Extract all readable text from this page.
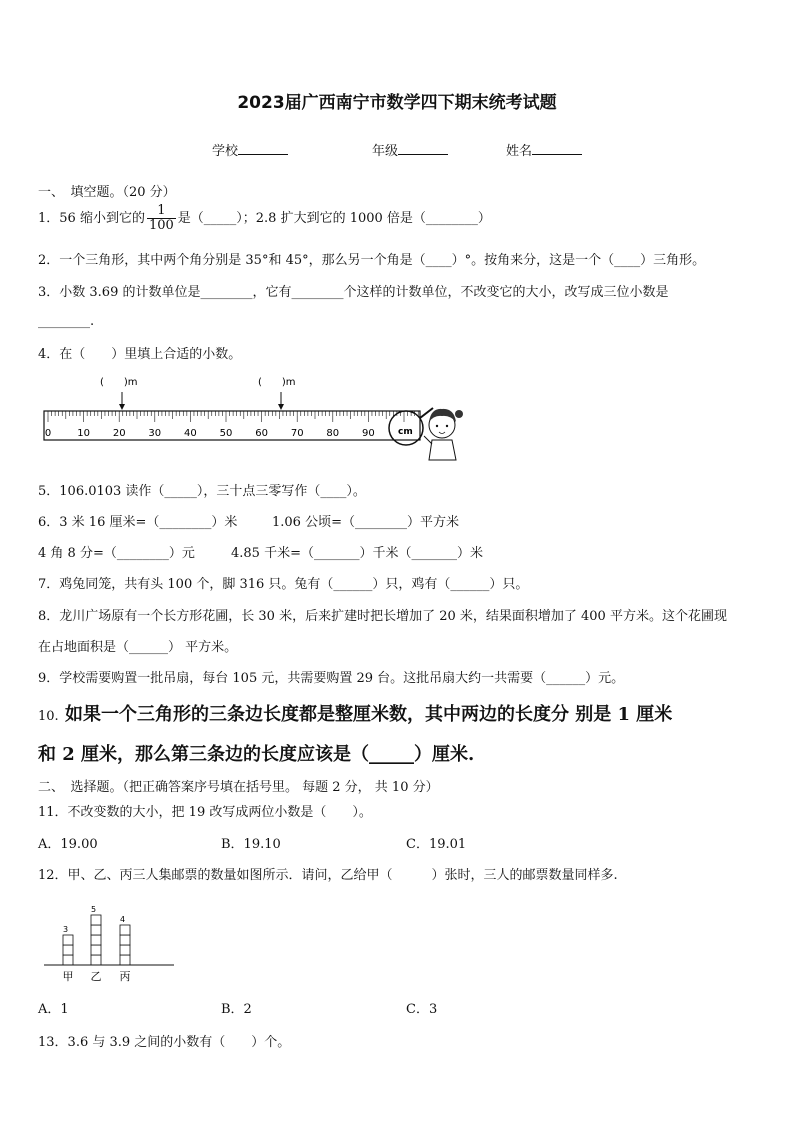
2023届广西南宁市数学四下期末统考试题
学校	年级	姓名
一、　填空题。（20 分）
1．56 缩小到它的 $\frac{1}{100}$ 是（_____）；2.8 扩大到它的 1000 倍是（________）
2．一个三角形，其中两个角分别是 35°和 45°，那么另一个角是（____）°。按角来分，这是一个（____）三角形。
3．小数 3.69 的计数单位是________，它有________个这样的计数单位，不改变它的大小，改写成三位小数是
________.
4．在（　　）里填上合适的小数。
(　　)m	(　　)m
0	10 20 30 40 50 60 70 80 90	cm
5．106.0103 读作（_____），三十点三零写作（____）。
6．3 米 16 厘米=（________）米	1.06 公顷=（________）平方米
4 角 8 分=（________）元	4.85 千米=（_______）千米（_______）米
7．鸡兔同笼，共有头 100 个，脚 316 只。兔有（______）只，鸡有（______）只。
8．龙川广场原有一个长方形花圃，长 30 米，后来扩建时把长增加了 20 米，结果面积增加了 400 平方米。这个花圃现
在占地面积是（______） 平方米。
9．学校需要购置一批吊扇，每台 105 元，共需要购置 29 台。这批吊扇大约一共需要（______）元。
10. 如果一个三角形的三条边长度都是整厘米数，其中两边的长度分 别是 1 厘米
和 2 厘米，那么第三条边的长度应该是（_____）厘米.
二、　选择题。（把正确答案序号填在括号里。 每题 2 分， 共 10 分）
11．不改变数的大小，把 19 改写成两位小数是（　　）。
A．19.00	B．19.10	C．19.01
12．甲、乙、丙三人集邮票的数量如图所示．请问，乙给甲（　　　）张时，三人的邮票数量同样多.
3
5
4
甲 乙 丙
A．1	B．2	C．3
13．3.6 与 3.9 之间的小数有（　　）个。
